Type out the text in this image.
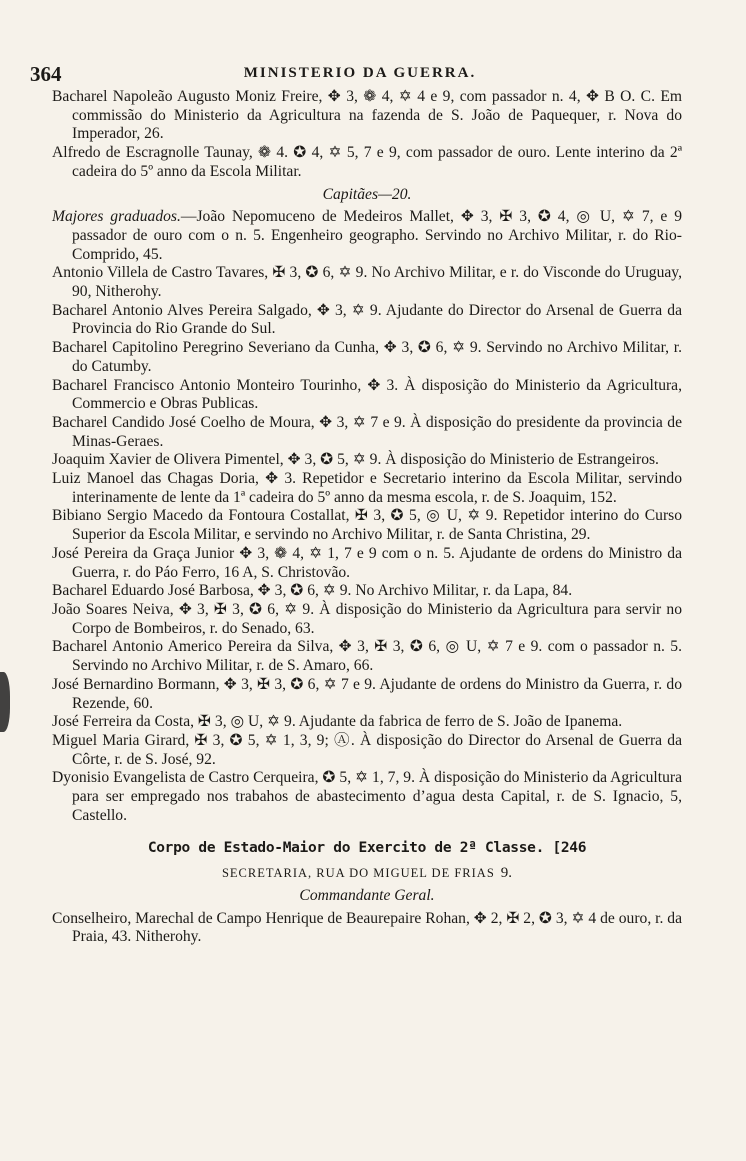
364	MINISTERIO DA GUERRA.

Bacharel Napoleão Augusto Moniz Freire, ✥ 3, ❁ 4, ✡ 4 e 9, com passador n. 4, ✥ B O. C. Em commissão do Ministerio da Agricultura na fazenda de S. João de Paquequer, r. Nova do Imperador, 26.

Alfredo de Escragnolle Taunay, ❁ 4. ✪ 4, ✡ 5, 7 e 9, com passador de ouro. Lente interino da 2ª cadeira do 5º anno da Escola Militar.

Capitães—20.

Majores graduados.—João Nepomuceno de Medeiros Mallet, ✥ 3, ✠ 3, ✪ 4, ◎ U, ✡ 7, e 9 passador de ouro com o n. 5. Engenheiro geographo. Servindo no Archivo Militar, r. do Rio-Comprido, 45.

Antonio Villela de Castro Tavares, ✠ 3, ✪ 6, ✡ 9. No Archivo Militar, e r. do Visconde do Uruguay, 90, Nitherohy.

Bacharel Antonio Alves Pereira Salgado, ✥ 3, ✡ 9. Ajudante do Director do Arsenal de Guerra da Provincia do Rio Grande do Sul.

Bacharel Capitolino Peregrino Severiano da Cunha, ✥ 3, ✪ 6, ✡ 9. Servindo no Archivo Militar, r. do Catumby.

Bacharel Francisco Antonio Monteiro Tourinho, ✥ 3. À disposição do Ministerio da Agricultura, Commercio e Obras Publicas.

Bacharel Candido José Coelho de Moura, ✥ 3, ✡ 7 e 9. À disposição do presidente da provincia de Minas-Geraes.

Joaquim Xavier de Olivera Pimentel, ✥ 3, ✪ 5, ✡ 9. À disposição do Ministerio de Estrangeiros.

Luiz Manoel das Chagas Doria, ✥ 3. Repetidor e Secretario interino da Escola Militar, servindo interinamente de lente da 1ª cadeira do 5º anno da mesma escola, r. de S. Joaquim, 152.

Bibiano Sergio Macedo da Fontoura Costallat, ✠ 3, ✪ 5, ◎ U, ✡ 9. Repetidor interino do Curso Superior da Escola Militar, e servindo no Archivo Militar, r. de Santa Christina, 29.

José Pereira da Graça Junior ✥ 3, ❁ 4, ✡ 1, 7 e 9 com o n. 5. Ajudante de ordens do Ministro da Guerra, r. do Páo Ferro, 16 A, S. Christovão.

Bacharel Eduardo José Barbosa, ✥ 3, ✪ 6, ✡ 9. No Archivo Militar, r. da Lapa, 84.

João Soares Neiva, ✥ 3, ✠ 3, ✪ 6, ✡ 9. À disposição do Ministerio da Agricultura para servir no Corpo de Bombeiros, r. do Senado, 63.

Bacharel Antonio Americo Pereira da Silva, ✥ 3, ✠ 3, ✪ 6, ◎ U, ✡ 7 e 9. com o passador n. 5. Servindo no Archivo Militar, r. de S. Amaro, 66.

José Bernardino Bormann, ✥ 3, ✠ 3, ✪ 6, ✡ 7 e 9. Ajudante de ordens do Ministro da Guerra, r. do Rezende, 60.

José Ferreira da Costa, ✠ 3, ◎ U, ✡ 9. Ajudante da fabrica de ferro de S. João de Ipanema.

Miguel Maria Girard, ✠ 3, ✪ 5, ✡ 1, 3, 9; Ⓐ. À disposição do Director do Arsenal de Guerra da Côrte, r. de S. José, 92.

Dyonisio Evangelista de Castro Cerqueira, ✪ 5, ✡ 1, 7, 9. À disposição do Ministerio da Agricultura para ser empregado nos trabahos de abastecimento d’agua desta Capital, r. de S. Ignacio, 5, Castello.

Corpo de Estado-Maior do Exercito de 2ª Classe. [246

SECRETARIA, RUA DO MIGUEL DE FRIAS 9.

Commandante Geral.

Conselheiro, Marechal de Campo Henrique de Beaurepaire Rohan, ✥ 2, ✠ 2, ✪ 3, ✡ 4 de ouro, r. da Praia, 43. Nitherohy.
